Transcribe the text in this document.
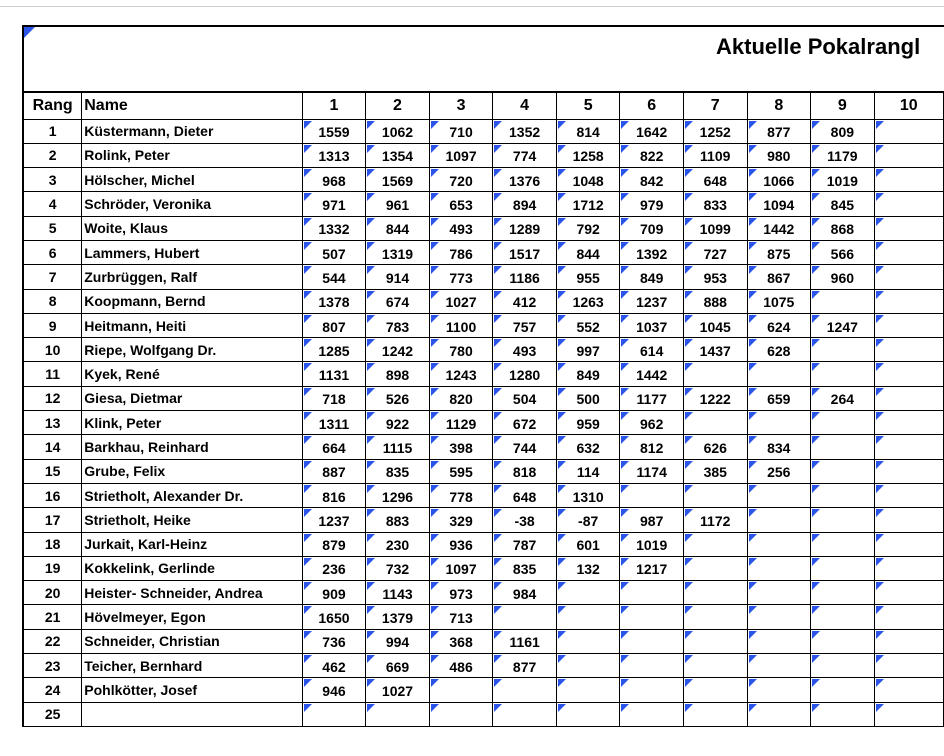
Aktuelle Pokalrangl
Rang	Name	1	2	3	4	5	6	7	8	9	10
1	Küstermann, Dieter	1559	1062	710	1352	814	1642	1252	877	809	

2	Rolink, Peter	1313	1354	1097	774	1258	822	1109	980	1179	

3	Hölscher, Michel	968	1569	720	1376	1048	842	648	1066	1019	

4	Schröder, Veronika	971	961	653	894	1712	979	833	1094	845	

5	Woite, Klaus	1332	844	493	1289	792	709	1099	1442	868	

6	Lammers, Hubert	507	1319	786	1517	844	1392	727	875	566	

7	Zurbrüggen, Ralf	544	914	773	1186	955	849	953	867	960	

8	Koopmann, Bernd	1378	674	1027	412	1263	1237	888	1075	

9	Heitmann, Heiti	807	783	1100	757	552	1037	1045	624	1247	

10	Riepe, Wolfgang Dr.	1285	1242	780	493	997	614	1437	628	

11	Kyek, René	1131	898	1243	1280	849	1442	

12	Giesa, Dietmar	718	526	820	504	500	1177	1222	659	264	

13	Klink, Peter	1311	922	1129	672	959	962	

14	Barkhau, Reinhard	664	1115	398	744	632	812	626	834	

15	Grube, Felix	887	835	595	818	114	1174	385	256	

16	Strietholt, Alexander Dr.	816	1296	778	648	1310	

17	Strietholt, Heike	1237	883	329	-38	-87	987	1172	

18	Jurkait, Karl-Heinz	879	230	936	787	601	1019	

19	Kokkelink, Gerlinde	236	732	1097	835	132	1217	

20	Heister- Schneider, Andrea	909	1143	973	984	

21	Hövelmeyer, Egon	1650	1379	713	

22	Schneider, Christian	736	994	368	1161	

23	Teicher, Bernhard	462	669	486	877	

24	Pohlkötter, Josef	946	1027	

25		
